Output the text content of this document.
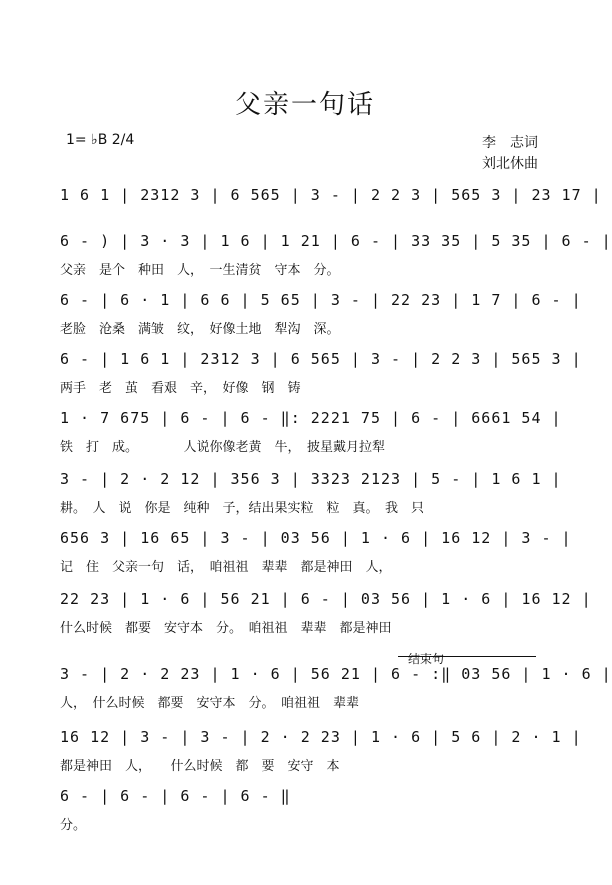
父亲一句话
1= ♭B 2/4	李　志词
刘北休曲
1 6 1 | 2312 3 | 6 565 | 3 - | 2 2 3 | 565 3 | 23 17 |
6 - ) | 3 · 3 | 1 6 | 1 21 | 6 - | 33 35 | 5 35 | 6 - |
父亲　是个　种田　人，　一生清贫　守本　分。
6 - | 6 · 1 | 6 6 | 5 65 | 3 - | 22 23 | 1 7 | 6 - |
老脸　沧桑　满皱　纹，　好像土地　犁沟　深。
6 - | 1 6 1 | 2312 3 | 6 565 | 3 - | 2 2 3 | 565 3 |
两手　老　茧　看艰　辛，　好像　钢　铸
1 · 7 675 | 6 - | 6 - ‖: 2221 75 | 6 - | 6661 54 |
铁　打　成。　　　　人说你像老黄　牛，　披星戴月拉犁
3 - | 2 · 2 12 | 356 3 | 3323 2123 | 5 - | 1 6 1 |
耕。　人　说　你是　纯种　子，结出果实粒　粒　真。　我　只
656 3 | 16 65 | 3 - | 03 56 | 1 · 6 | 16 12 | 3 - |
记　住　父亲一句　话，　咱祖祖　辈辈　都是神田　人，
22 23 | 1 · 6 | 56 21 | 6 - | 03 56 | 1 · 6 | 16 12 |
什么时候　都要　安守本　分。　咱祖祖　辈辈　都是神田
结束句
3 - | 2 · 2 23 | 1 · 6 | 56 21 | 6 - :‖ 03 56 | 1 · 6 |
人，　什么时候　都要　安守本　分。　咱祖祖　辈辈
16 12 | 3 - | 3 - | 2 · 2 23 | 1 · 6 | 5 6 | 2 · 1 |
都是神田　人，　　什么时候　都　要　安守　本
6 - | 6 - | 6 - | 6 - ‖
分。
